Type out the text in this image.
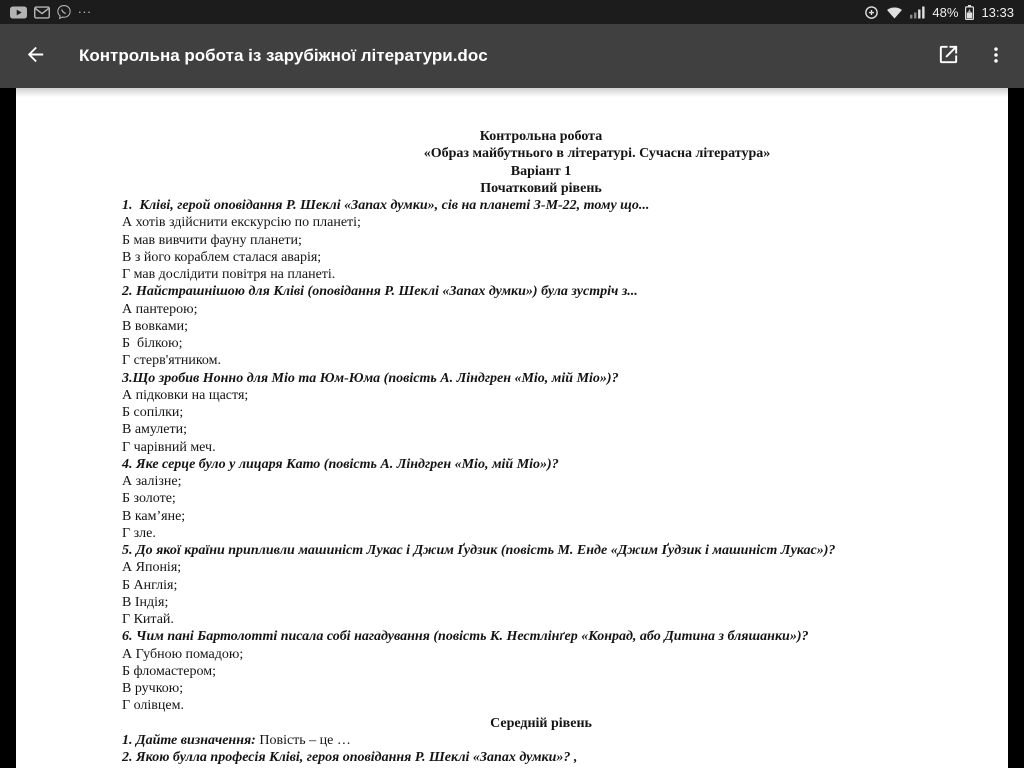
...	48% 13:33
Контрольна робота із зарубіжної літератури.doc
Контрольна робота
«Образ майбутнього в літературі. Сучасна література»
Варіант 1
Початковий рівень
1.  Кліві, герой оповідання Р. Шеклі «Запах думки», сів на планеті З-М-22, тому що...
А хотів здійснити екскурсію по планеті;
Б мав вивчити фауну планети;
В з його кораблем сталася аварія;
Г мав дослідити повітря на планеті.
2. Найстрашнішою для Кліві (оповідання Р. Шеклі «Запах думки») була зустріч з...
А пантерою;
В вовками;
Б  білкою;
Г стерв'ятником.
3.Що зробив Нонно для Міо та Юм-Юма (повість А. Ліндгрен «Міо, мій Міо»)?
А підковки на щастя;
Б сопілки;
В амулети;
Г чарівний меч.
4. Яке серце було у лицаря Като (повість А. Ліндгрен «Міо, мій Міо»)?
А залізне;
Б золоте;
В кам’яне;
Г зле.
5. До якої країни припливли машиніст Лукас і Джим Ґудзик (повість М. Енде «Джим Ґудзик і машиніст Лукас»)?
А Японія;
Б Англія;
В Індія;
Г Китай.
6. Чим пані Бартолотті писала собі нагадування (повість К. Нестлінґер «Конрад, або Дитина з бляшанки»)?
А Губною помадою;
Б фломастером;
В ручкою;
Г олівцем.
Середній рівень
1. Дайте визначення: Повість – це …
2. Якою булла професія Кліві, героя оповідання Р. Шеклі «Запах думки»? ,
